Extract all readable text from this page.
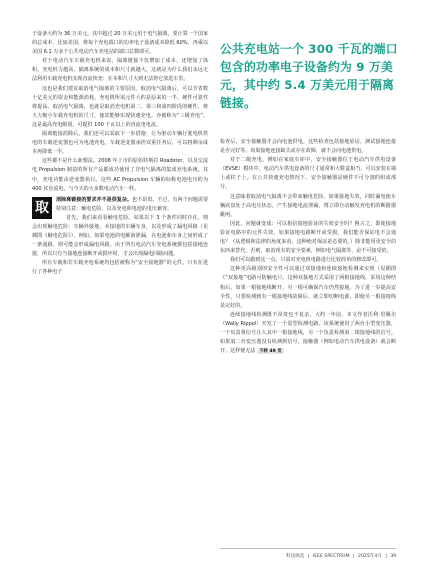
子设备大约为 36 万美元。其中超过 20 万美元用于电气隔离。要计算一个国家的总成本，比如美国，将每个充电端口的功率电子设备成本降低 60%，再乘以美国 6.1 万多个公共电动汽车充电站的端口总数即可。

对于电动汽车车载充电机来说，隔离链接不仅增加了成本，还增加了体积。充电桩力越高，隔离系统的成本和尺寸就越大，这就是为什么我们永远无法利用车载充电机实现直流快充：在本和尺寸大到无法将它放进车里。

这也是我们建议取消电气隔离的主要原因。取消电气隔离后，可以节省数十亿美元的资金和能源消耗。充电机所需元件大约是原来的一半，硬件可靠性将提高。取消电气隔离，也就是取消充电机第二、第三和第四阶段的硬件，将大大缩小车载充电机的尺寸，使其能够实现快速充电。亦被称为“三级充电”。这是最高充电级别，可提供 100 千瓦以上的直流电电流。

隔离链接消除后，我们还可以采取下一步措施：让为驱动车辆行驶电机供电的车载逆变器也可为电池充电。车载逆变器承担双重任务后，可以将剩余成本再降低一半。

这些都不是什么新想法。2008 年上市的原始特斯拉 Roadster，以及交流电 Propulsion 制造的所有产品都成功使用了非电气隔离的集成充电系统。其中，充电功能由逆变器执行。这些 AC Propulsion 车辆的标称电池电压约为 400 伏直流电，与今天的大多数电动汽车一样。

取	消除离链接的要求并不是很复杂。也不昂贵。不过，有两个问题需要特别注意：触电危险，以及充电和电池的电压兼容。

首先，我们来看看触电危险。如果以下 3 个条件同时存在，则会出现触电危险：车辆外接地、未接地的车辆车身，以及形成了漏电回路（见插图《触电危险》）。例如，如果电池的电解液泄漏，在电池和车身之间形成了一条通路，则可能会形成漏电回路。由于所有电动汽车充电系统都包括接地连接，所以只有当接地连接断开或损坏时，才会出现漏电回路问题。

所有车载和非车载充电系统均包括被称为“安全接地器”的元件，只有在进行了各种电子

公共充电站一个 300 千瓦的端口包含的功率电子设备约为 9 万美元，其中约 5.4 万美元用于隔离链接。

检查后，安全接触器才会向电池供电。这些检查包括接地验证、测试接地连接是否完好等。如果接地连接缺失或存在故障，就不会向电池供电。

对于二级充电，例如在家庭车库中，安全接触器位于电动汽车供电设备（EVSE）模块中。电动汽车供电设备的尺寸通常和大鞋盒相当，可以安装在墙上或柱子上。在公共快速充电情况下，安全接触器是硬件不可分割的组成部分。

这意味着取消电气隔离不会带来触电危险。如果接地失效，同时漏电使车辆底盘处于高电压状态，产生接地电流泄漏，将立即自动触发充电机的断路器跳闸。

因此，问题就变成：可以相信接地验证的失效安全吗？换言之，即使接地验证电路中的元件失效，如果接地电路断开或受损，我们能否保证电不会通电？（从逻辑和法律的角度来看，这种绝对保证是必要的。）除非能用更安全的东西来替代，否则，取消现有的安全要素，例如电气隔离等，是不可接受的。

我们可以做到这一点，只需对充电机电路进行比较简单的修改即可。

这种更高级别的安全性可以通过双接地和连续接地检测来实现（见插图《“双接地”电路可防触电》）。这种双接地方式采用了两根接地线，采用这种结构后，如果一根接地线断开，另一根可确保汽车仍然接地。为了进一步提高安全性，只要检测到有一根接地线故障后，就立即切断电源。即使另一根接地线是完好的。

连续接地线检测既不昂贵也不复杂。大约一年前，本文作者沃利·里佩尔（Wally Rippel）开发了一个原型检测电路。该系统使用了两台小型变压器，一个负责将信号注入其中一根接地线，另一个负责检测第二根接地线的信号。如果第二台变压器没有检测到信号，接触器（例如电动汽车供电设备）就会断开。这样便无法 下转 49 页

科技纵览 | IEEE SPECTRUM | 2025年4月 | 39
